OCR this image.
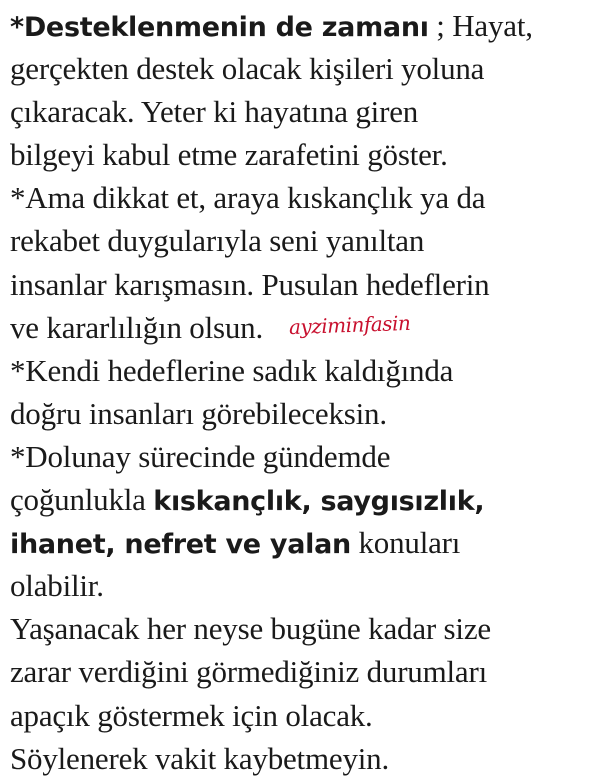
*Desteklenmenin de zamanı ; Hayat,
gerçekten destek olacak kişileri yoluna
çıkaracak. Yeter ki hayatına giren
bilgeyi kabul etme zarafetini göster.
*Ama dikkat et, araya kıskançlık ya da
rekabet duygularıyla seni yanıltan
insanlar karışmasın. Pusulan hedeflerin
ve kararlılığın olsun. ayziminfasin
*Kendi hedeflerine sadık kaldığında
doğru insanları görebileceksin.
*Dolunay sürecinde gündemde
çoğunlukla kıskançlık, saygısızlık,
ihanet, nefret ve yalan konuları
olabilir.
Yaşanacak her neyse bugüne kadar size
zarar verdiğini görmediğiniz durumları
apaçık göstermek için olacak.
Söylenerek vakit kaybetmeyin.
